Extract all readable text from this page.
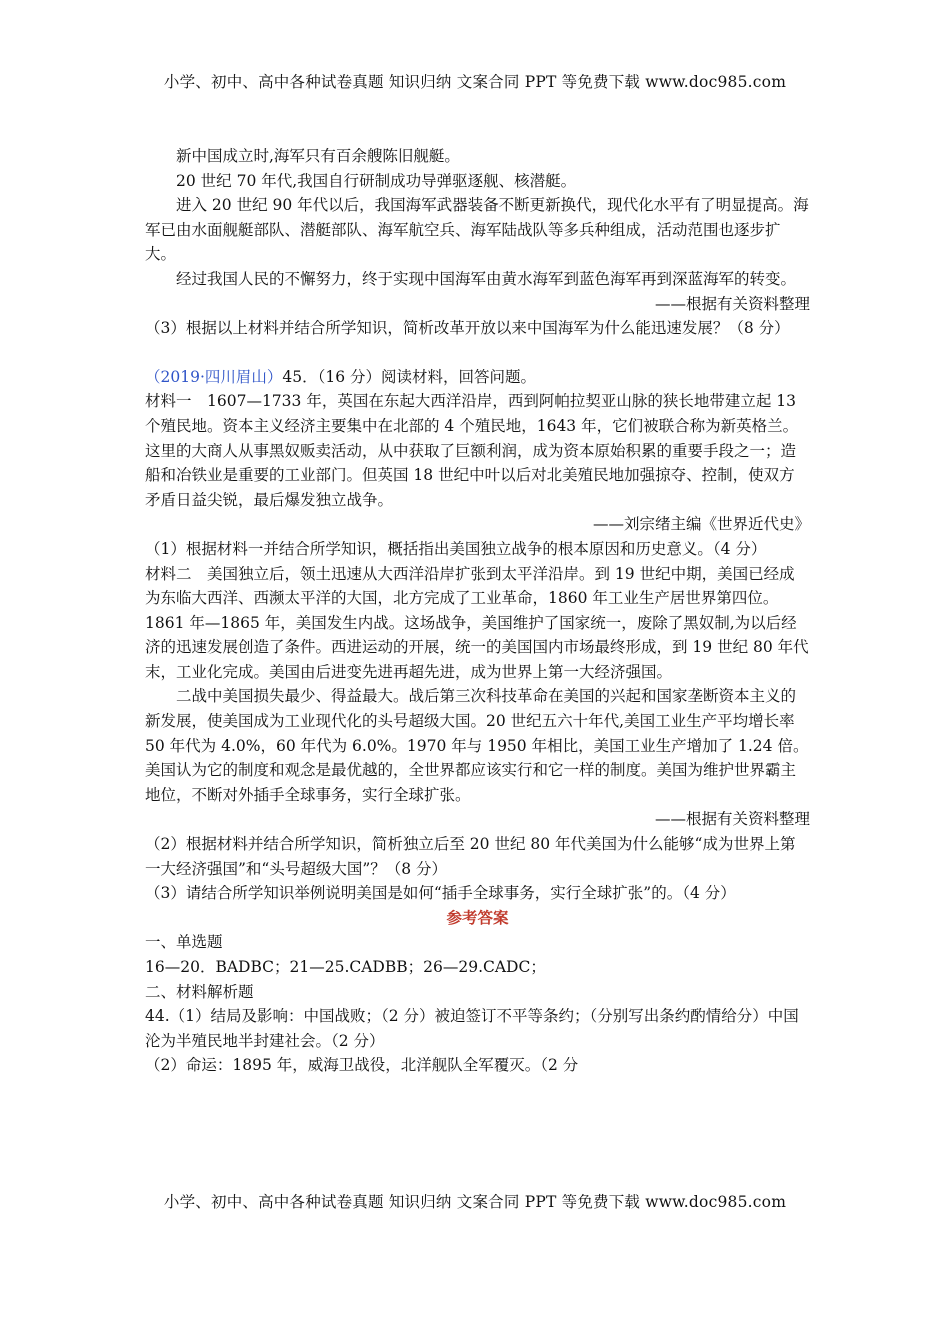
小学、初中、高中各种试卷真题 知识归纳 文案合同 PPT 等免费下载 www.doc985.com

新中国成立时,海军只有百余艘陈旧舰艇。

20 世纪 70 年代,我国自行研制成功导弹驱逐舰、核潜艇。

进入 20 世纪 90 年代以后，我国海军武器装备不断更新换代，现代化水平有了明显提高。海军已由水面舰艇部队、潜艇部队、海军航空兵、海军陆战队等多兵种组成，活动范围也逐步扩大。

经过我国人民的不懈努力，终于实现中国海军由黄水海军到蓝色海军再到深蓝海军的转变。

——根据有关资料整理

（3）根据以上材料并结合所学知识，简析改革开放以来中国海军为什么能迅速发展？（8 分）

（2019·四川眉山）45．（16 分）阅读材料，回答问题。

材料一　1607—1733 年，英国在东起大西洋沿岸，西到阿帕拉契亚山脉的狭长地带建立起 13 个殖民地。资本主义经济主要集中在北部的 4 个殖民地，1643 年，它们被联合称为新英格兰。这里的大商人从事黑奴贩卖活动，从中获取了巨额利润，成为资本原始积累的重要手段之一；造船和冶铁业是重要的工业部门。但英国 18 世纪中叶以后对北美殖民地加强掠夺、控制，使双方矛盾日益尖锐，最后爆发独立战争。

——刘宗绪主编《世界近代史》

（1）根据材料一并结合所学知识，概括指出美国独立战争的根本原因和历史意义。（4 分）

材料二　美国独立后，领土迅速从大西洋沿岸扩张到太平洋沿岸。到 19 世纪中期，美国已经成为东临大西洋、西濒太平洋的大国，北方完成了工业革命，1860 年工业生产居世界第四位。1861 年—1865 年，美国发生内战。这场战争，美国维护了国家统一，废除了黑奴制,为以后经济的迅速发展创造了条件。西进运动的开展，统一的美国国内市场最终形成，到 19 世纪 80 年代末，工业化完成。美国由后进变先进再超先进，成为世界上第一大经济强国。

二战中美国损失最少、得益最大。战后第三次科技革命在美国的兴起和国家垄断资本主义的新发展，使美国成为工业现代化的头号超级大国。20 世纪五六十年代,美国工业生产平均增长率 50 年代为 4.0%，60 年代为 6.0%。1970 年与 1950 年相比，美国工业生产增加了 1.24 倍。美国认为它的制度和观念是最优越的，全世界都应该实行和它一样的制度。美国为维护世界霸主地位，不断对外插手全球事务，实行全球扩张。

——根据有关资料整理

（2）根据材料并结合所学知识，简析独立后至 20 世纪 80 年代美国为什么能够“成为世界上第一大经济强国”和“头号超级大国”？（8 分）

（3）请结合所学知识举例说明美国是如何“插手全球事务，实行全球扩张”的。（4 分）

参考答案

一、单选题

16—20．BADBC；21—25.CADBB；26—29.CADC；

二、材料解析题

44.（1）结局及影响：中国战败；（2 分）被迫签订不平等条约；（分别写出条约酌情给分）中国沦为半殖民地半封建社会。（2 分）

（2）命运：1895 年，威海卫战役，北洋舰队全军覆灭。（2 分

小学、初中、高中各种试卷真题 知识归纳 文案合同 PPT 等免费下载 www.doc985.com
